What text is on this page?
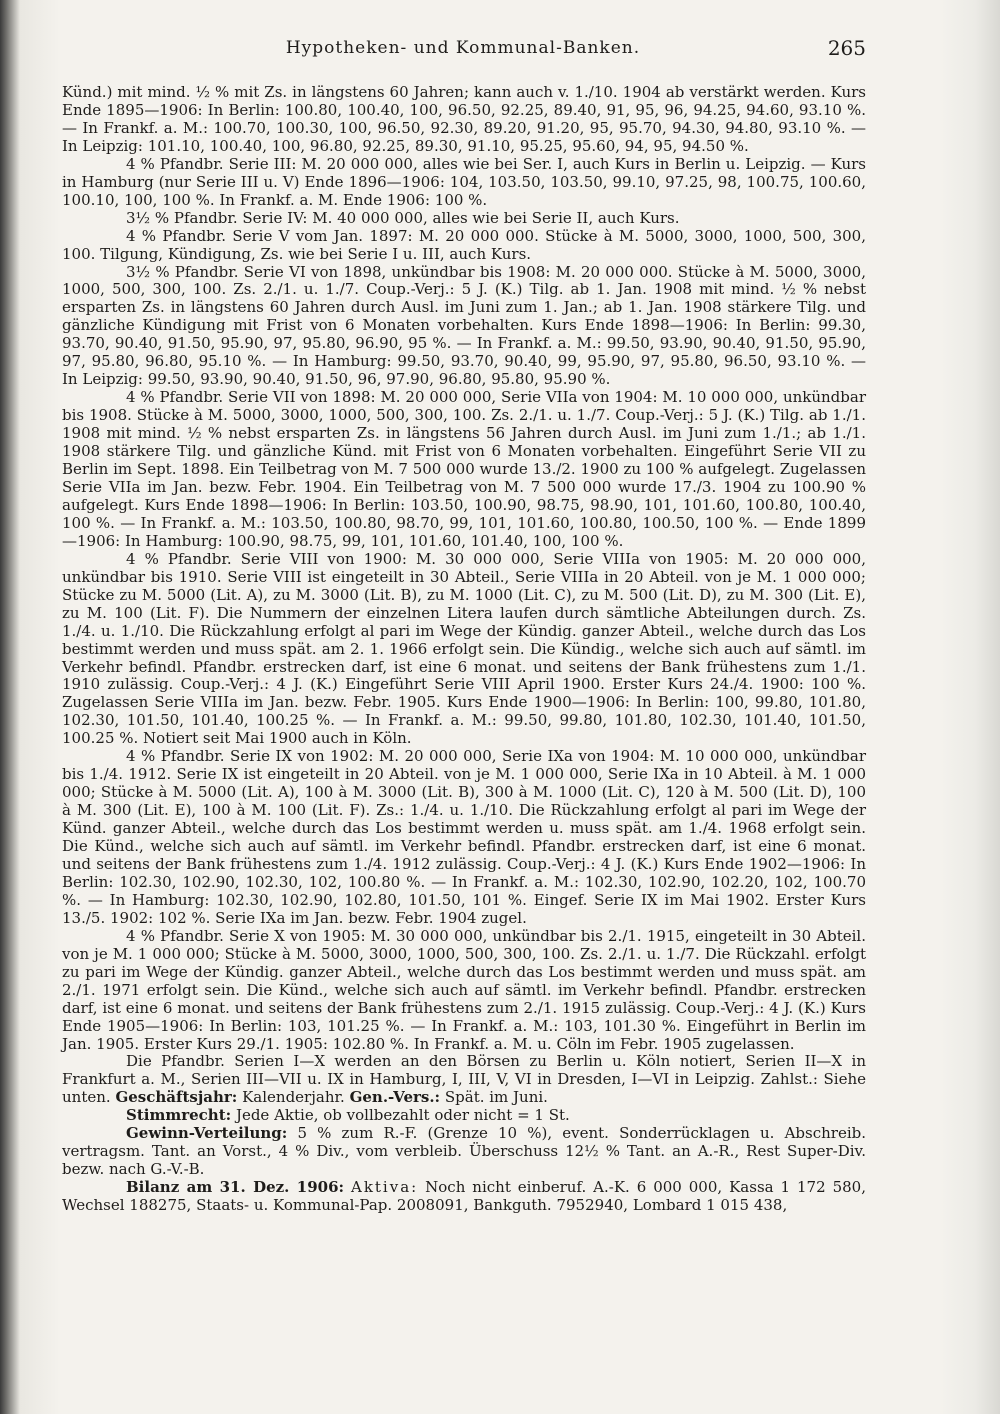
Hypotheken- und Kommunal-Banken.	265

Künd.) mit mind. ½ % mit Zs. in längstens 60 Jahren; kann auch v. 1./10. 1904 ab verstärkt werden. Kurs Ende 1895—1906: In Berlin: 100.80, 100.40, 100, 96.50, 92.25, 89.40, 91, 95, 96, 94.25, 94.60, 93.10 %. — In Frankf. a. M.: 100.70, 100.30, 100, 96.50, 92.30, 89.20, 91.20, 95, 95.70, 94.30, 94.80, 93.10 %. — In Leipzig: 101.10, 100.40, 100, 96.80, 92.25, 89.30, 91.10, 95.25, 95.60, 94, 95, 94.50 %.

4 % Pfandbr. Serie III: M. 20 000 000, alles wie bei Ser. I, auch Kurs in Berlin u. Leipzig. — Kurs in Hamburg (nur Serie III u. V) Ende 1896—1906: 104, 103.50, 103.50, 99.10, 97.25, 98, 100.75, 100.60, 100.10, 100, 100 %. In Frankf. a. M. Ende 1906: 100 %.

3½ % Pfandbr. Serie IV: M. 40 000 000, alles wie bei Serie II, auch Kurs.

4 % Pfandbr. Serie V vom Jan. 1897: M. 20 000 000. Stücke à M. 5000, 3000, 1000, 500, 300, 100. Tilgung, Kündigung, Zs. wie bei Serie I u. III, auch Kurs.

3½ % Pfandbr. Serie VI von 1898, unkündbar bis 1908: M. 20 000 000. Stücke à M. 5000, 3000, 1000, 500, 300, 100. Zs. 2./1. u. 1./7. Coup.-Verj.: 5 J. (K.) Tilg. ab 1. Jan. 1908 mit mind. ½ % nebst ersparten Zs. in längstens 60 Jahren durch Ausl. im Juni zum 1. Jan.; ab 1. Jan. 1908 stärkere Tilg. und gänzliche Kündigung mit Frist von 6 Monaten vorbehalten. Kurs Ende 1898—1906: In Berlin: 99.30, 93.70, 90.40, 91.50, 95.90, 97, 95.80, 96.90, 95 %. — In Frankf. a. M.: 99.50, 93.90, 90.40, 91.50, 95.90, 97, 95.80, 96.80, 95.10 %. — In Hamburg: 99.50, 93.70, 90.40, 99, 95.90, 97, 95.80, 96.50, 93.10 %. — In Leipzig: 99.50, 93.90, 90.40, 91.50, 96, 97.90, 96.80, 95.80, 95.90 %.

4 % Pfandbr. Serie VII von 1898: M. 20 000 000, Serie VIIa von 1904: M. 10 000 000, unkündbar bis 1908. Stücke à M. 5000, 3000, 1000, 500, 300, 100. Zs. 2./1. u. 1./7. Coup.-Verj.: 5 J. (K.) Tilg. ab 1./1. 1908 mit mind. ½ % nebst ersparten Zs. in längstens 56 Jahren durch Ausl. im Juni zum 1./1.; ab 1./1. 1908 stärkere Tilg. und gänzliche Künd. mit Frist von 6 Monaten vorbehalten. Eingeführt Serie VII zu Berlin im Sept. 1898. Ein Teilbetrag von M. 7 500 000 wurde 13./2. 1900 zu 100 % aufgelegt. Zugelassen Serie VIIa im Jan. bezw. Febr. 1904. Ein Teilbetrag von M. 7 500 000 wurde 17./3. 1904 zu 100.90 % aufgelegt. Kurs Ende 1898—1906: In Berlin: 103.50, 100.90, 98.75, 98.90, 101, 101.60, 100.80, 100.40, 100 %. — In Frankf. a. M.: 103.50, 100.80, 98.70, 99, 101, 101.60, 100.80, 100.50, 100 %. — Ende 1899—1906: In Hamburg: 100.90, 98.75, 99, 101, 101.60, 101.40, 100, 100 %.

4 % Pfandbr. Serie VIII von 1900: M. 30 000 000, Serie VIIIa von 1905: M. 20 000 000, unkündbar bis 1910. Serie VIII ist eingeteilt in 30 Abteil., Serie VIIIa in 20 Abteil. von je M. 1 000 000; Stücke zu M. 5000 (Lit. A), zu M. 3000 (Lit. B), zu M. 1000 (Lit. C), zu M. 500 (Lit. D), zu M. 300 (Lit. E), zu M. 100 (Lit. F). Die Nummern der einzelnen Litera laufen durch sämtliche Abteilungen durch. Zs. 1./4. u. 1./10. Die Rückzahlung erfolgt al pari im Wege der Kündig. ganzer Abteil., welche durch das Los bestimmt werden und muss spät. am 2. 1. 1966 erfolgt sein. Die Kündig., welche sich auch auf sämtl. im Verkehr befindl. Pfandbr. erstrecken darf, ist eine 6 monat. und seitens der Bank frühestens zum 1./1. 1910 zulässig. Coup.-Verj.: 4 J. (K.) Eingeführt Serie VIII April 1900. Erster Kurs 24./4. 1900: 100 %. Zugelassen Serie VIIIa im Jan. bezw. Febr. 1905. Kurs Ende 1900—1906: In Berlin: 100, 99.80, 101.80, 102.30, 101.50, 101.40, 100.25 %. — In Frankf. a. M.: 99.50, 99.80, 101.80, 102.30, 101.40, 101.50, 100.25 %. Notiert seit Mai 1900 auch in Köln.

4 % Pfandbr. Serie IX von 1902: M. 20 000 000, Serie IXa von 1904: M. 10 000 000, unkündbar bis 1./4. 1912. Serie IX ist eingeteilt in 20 Abteil. von je M. 1 000 000, Serie IXa in 10 Abteil. à M. 1 000 000; Stücke à M. 5000 (Lit. A), 100 à M. 3000 (Lit. B), 300 à M. 1000 (Lit. C), 120 à M. 500 (Lit. D), 100 à M. 300 (Lit. E), 100 à M. 100 (Lit. F). Zs.: 1./4. u. 1./10. Die Rückzahlung erfolgt al pari im Wege der Künd. ganzer Abteil., welche durch das Los bestimmt werden u. muss spät. am 1./4. 1968 erfolgt sein. Die Künd., welche sich auch auf sämtl. im Verkehr befindl. Pfandbr. erstrecken darf, ist eine 6 monat. und seitens der Bank frühestens zum 1./4. 1912 zulässig. Coup.-Verj.: 4 J. (K.) Kurs Ende 1902—1906: In Berlin: 102.30, 102.90, 102.30, 102, 100.80 %. — In Frankf. a. M.: 102.30, 102.90, 102.20, 102, 100.70 %. — In Hamburg: 102.30, 102.90, 102.80, 101.50, 101 %. Eingef. Serie IX im Mai 1902. Erster Kurs 13./5. 1902: 102 %. Serie IXa im Jan. bezw. Febr. 1904 zugel.

4 % Pfandbr. Serie X von 1905: M. 30 000 000, unkündbar bis 2./1. 1915, eingeteilt in 30 Abteil. von je M. 1 000 000; Stücke à M. 5000, 3000, 1000, 500, 300, 100. Zs. 2./1. u. 1./7. Die Rückzahl. erfolgt zu pari im Wege der Kündig. ganzer Abteil., welche durch das Los bestimmt werden und muss spät. am 2./1. 1971 erfolgt sein. Die Künd., welche sich auch auf sämtl. im Verkehr befindl. Pfandbr. erstrecken darf, ist eine 6 monat. und seitens der Bank frühestens zum 2./1. 1915 zulässig. Coup.-Verj.: 4 J. (K.) Kurs Ende 1905—1906: In Berlin: 103, 101.25 %. — In Frankf. a. M.: 103, 101.30 %. Eingeführt in Berlin im Jan. 1905. Erster Kurs 29./1. 1905: 102.80 %. In Frankf. a. M. u. Cöln im Febr. 1905 zugelassen.

Die Pfandbr. Serien I—X werden an den Börsen zu Berlin u. Köln notiert, Serien II—X in Frankfurt a. M., Serien III—VII u. IX in Hamburg, I, III, V, VI in Dresden, I—VI in Leipzig. Zahlst.: Siehe unten. Geschäftsjahr: Kalenderjahr. Gen.-Vers.: Spät. im Juni.

Stimmrecht: Jede Aktie, ob vollbezahlt oder nicht = 1 St.

Gewinn-Verteilung: 5 % zum R.-F. (Grenze 10 %), event. Sonderrücklagen u. Abschreib. vertragsm. Tant. an Vorst., 4 % Div., vom verbleib. Überschuss 12½ % Tant. an A.-R., Rest Super-Div. bezw. nach G.-V.-B.

Bilanz am 31. Dez. 1906: Aktiva: Noch nicht einberuf. A.-K. 6 000 000, Kassa 1 172 580, Wechsel 188275, Staats- u. Kommunal-Pap. 2008091, Bankguth. 7952940, Lombard 1 015 438,
